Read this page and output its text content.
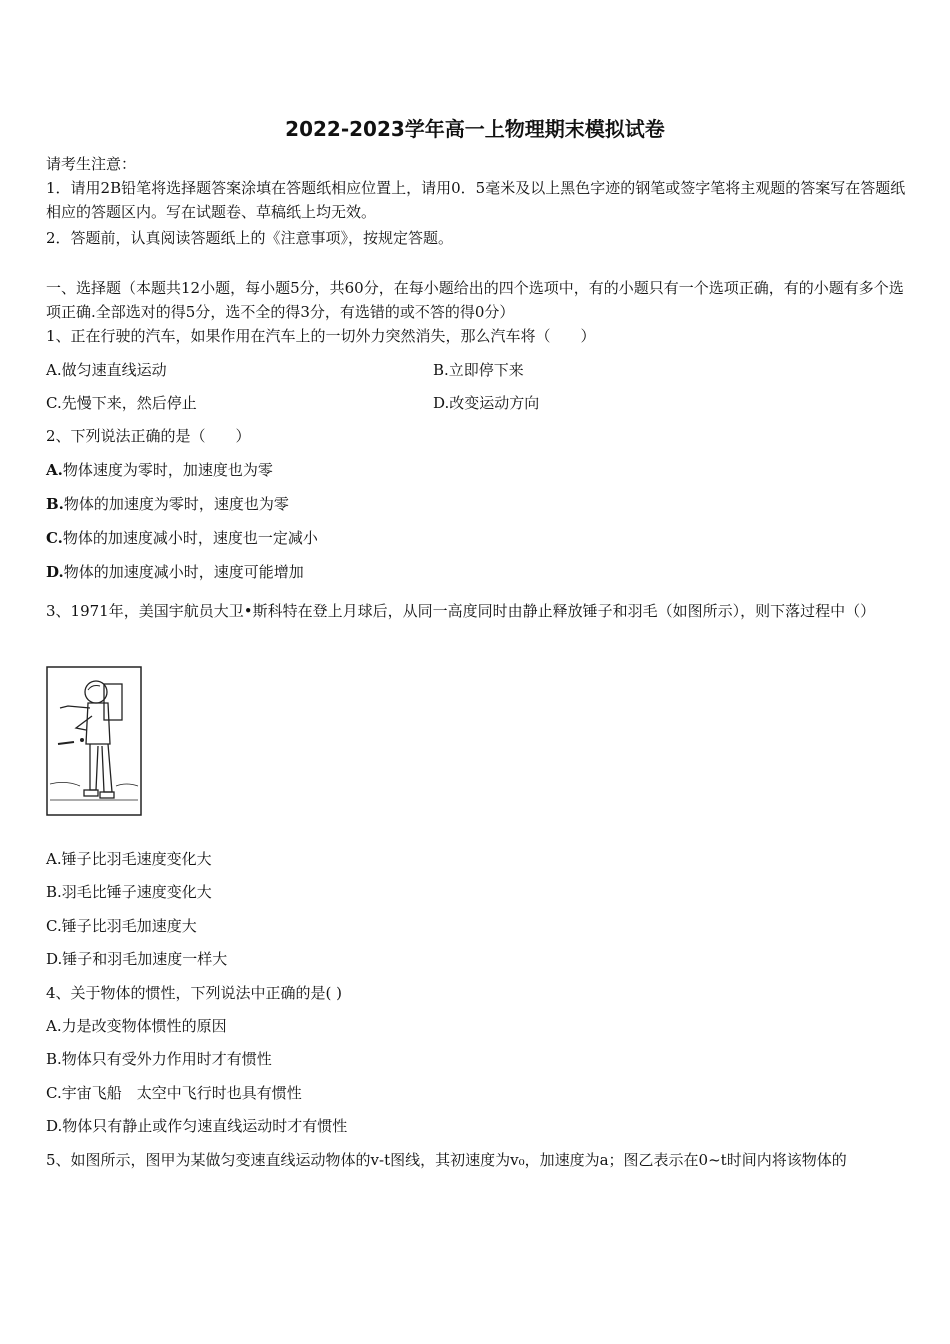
2022-2023学年高一上物理期末模拟试卷
请考生注意：
1．请用2B铅笔将选择题答案涂填在答题纸相应位置上，请用0．5毫米及以上黑色字迹的钢笔或签字笔将主观题的答案写在答题纸相应的答题区内。写在试题卷、草稿纸上均无效。
2．答题前，认真阅读答题纸上的《注意事项》，按规定答题。
一、选择题（本题共12小题，每小题5分，共60分，在每小题给出的四个选项中，有的小题只有一个选项正确，有的小题有多个选项正确.全部选对的得5分，选不全的得3分，有选错的或不答的得0分）
1、正在行驶的汽车，如果作用在汽车上的一切外力突然消失，那么汽车将（　　）
A.做匀速直线运动	B.立即停下来
C.先慢下来，然后停止	D.改变运动方向
2、下列说法正确的是（　　）
A.物体速度为零时，加速度也为零
B.物体的加速度为零时，速度也为零
C.物体的加速度减小时，速度也一定减小
D.物体的加速度减小时，速度可能增加
3、1971年，美国宇航员大卫•斯科特在登上月球后，从同一高度同时由静止释放锤子和羽毛（如图所示），则下落过程中（）
A.锤子比羽毛速度变化大
B.羽毛比锤子速度变化大
C.锤子比羽毛加速度大
D.锤子和羽毛加速度一样大
4、关于物体的惯性，下列说法中正确的是( )
A.力是改变物体惯性的原因
B.物体只有受外力作用时才有惯性
C.宇宙飞船　太空中飞行时也具有惯性
D.物体只有静止或作匀速直线运动时才有惯性
5、如图所示，图甲为某做匀变速直线运动物体的v-t图线，其初速度为v₀，加速度为a；图乙表示在0~t时间内将该物体的
